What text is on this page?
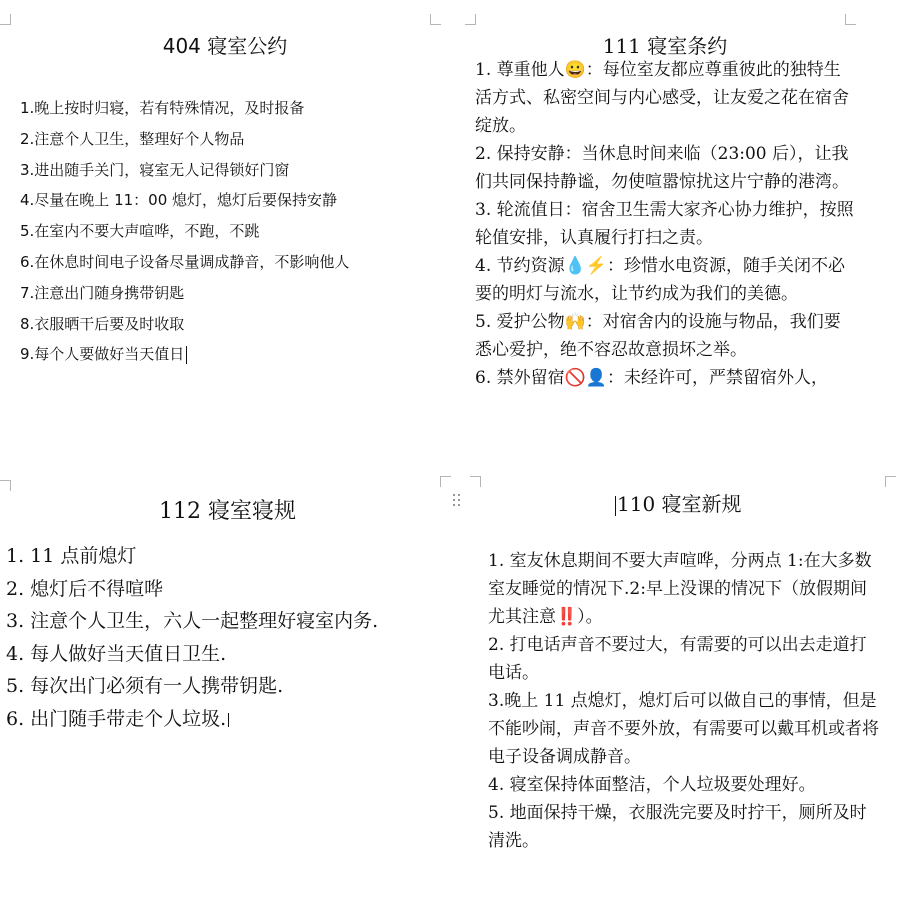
404 寝室公约
1.晚上按时归寝，若有特殊情况，及时报备
2.注意个人卫生，整理好个人物品
3.进出随手关门，寝室无人记得锁好门窗
4.尽量在晚上 11：00 熄灯，熄灯后要保持安静
5.在室内不要大声喧哗，不跑，不跳
6.在休息时间电子设备尽量调成静音，不影响他人
7.注意出门随身携带钥匙
8.衣服晒干后要及时收取
9.每个人要做好当天值日
111 寝室条约
1. 尊重他人😀：每位室友都应尊重彼此的独特生活方式、私密空间与内心感受，让友爱之花在宿舍绽放。
2. 保持安静：当休息时间来临（23:00 后），让我们共同保持静谧，勿使喧嚣惊扰这片宁静的港湾。
3. 轮流值日：宿舍卫生需大家齐心协力维护，按照轮值安排，认真履行打扫之责。
4. 节约资源💧⚡：珍惜水电资源，随手关闭不必要的明灯与流水，让节约成为我们的美德。
5. 爱护公物🙌：对宿舍内的设施与物品，我们要悉心爱护，绝不容忍故意损坏之举。
6. 禁外留宿🚫👤：未经许可，严禁留宿外人，
112 寝室寝规
1. 11 点前熄灯
2. 熄灯后不得喧哗
3. 注意个人卫生，六人一起整理好寝室内务.
4. 每人做好当天值日卫生.
5. 每次出门必须有一人携带钥匙.
6. 出门随手带走个人垃圾.
110 寝室新规
1. 室友休息期间不要大声喧哗，分两点 1:在大多数室友睡觉的情况下.2:早上没课的情况下（放假期间尤其注意‼️）。
2. 打电话声音不要过大，有需要的可以出去走道打电话。
3.晚上 11 点熄灯，熄灯后可以做自己的事情，但是不能吵闹，声音不要外放，有需要可以戴耳机或者将电子设备调成静音。
4. 寝室保持体面整洁，个人垃圾要处理好。
5. 地面保持干燥，衣服洗完要及时拧干，厕所及时清洗。
